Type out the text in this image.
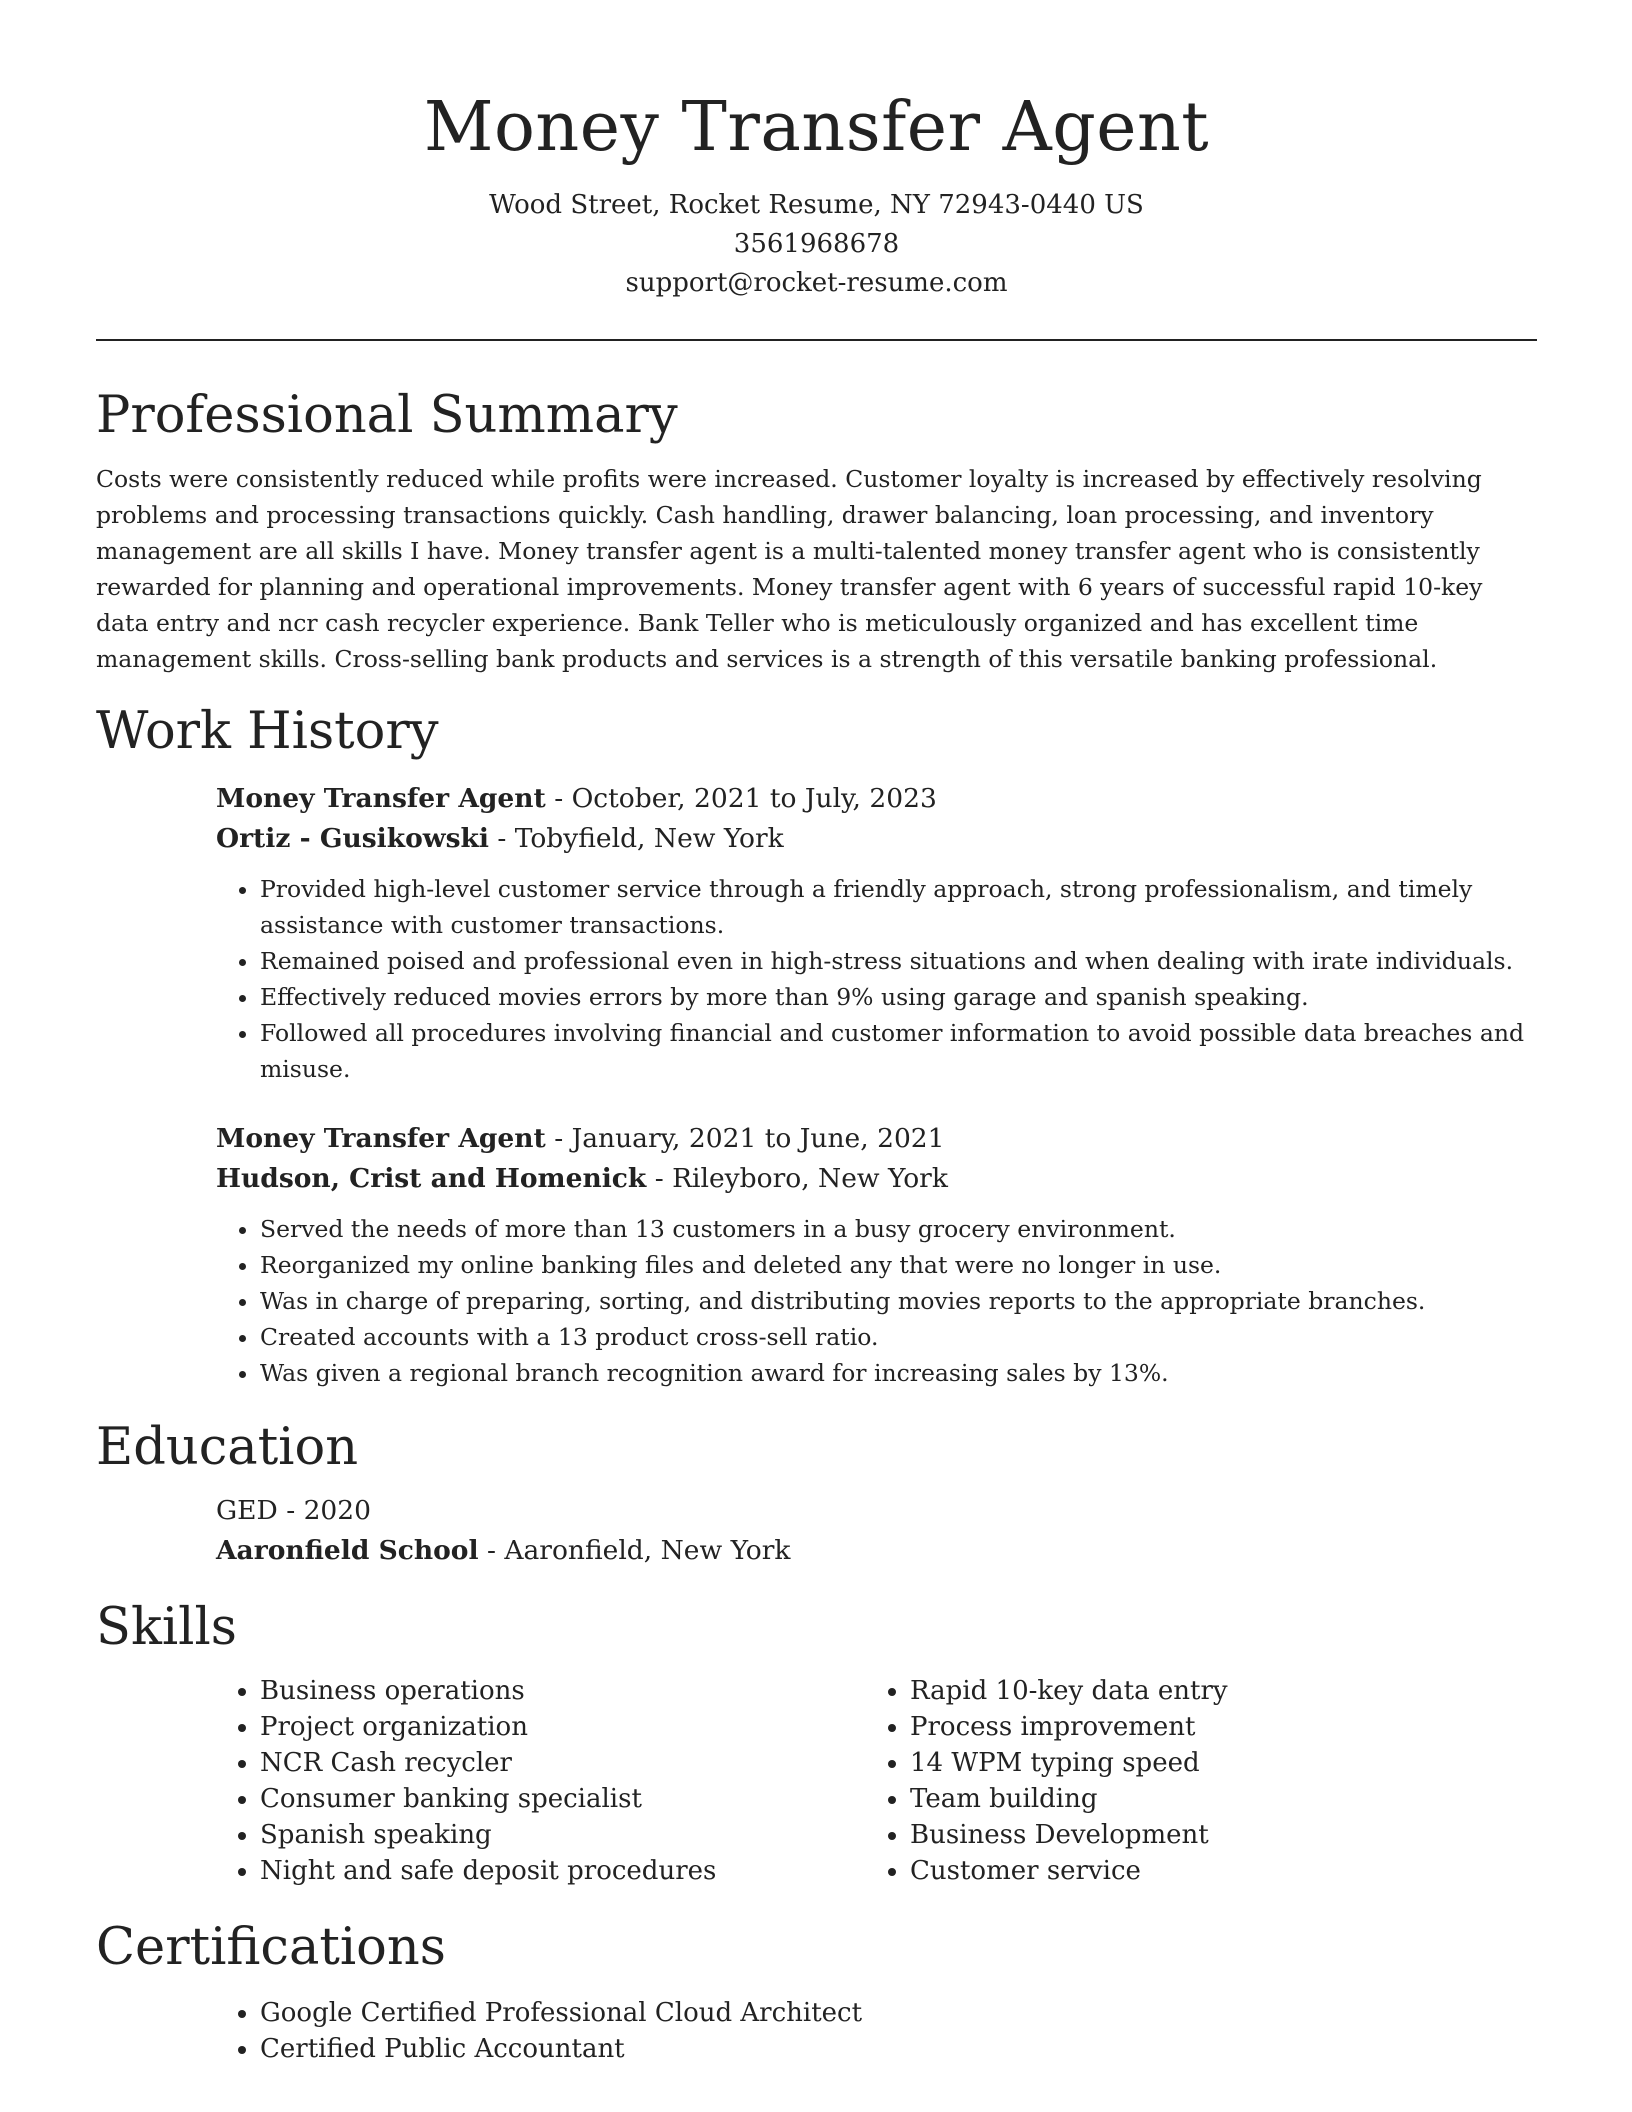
Money Transfer Agent
Wood Street, Rocket Resume, NY 72943-0440 US
3561968678
support@rocket-resume.com
Professional Summary

Costs were consistently reduced while profits were increased. Customer loyalty is increased by effectively resolving problems and processing transactions quickly. Cash handling, drawer balancing, loan processing, and inventory management are all skills I have. Money transfer agent is a multi-talented money transfer agent who is consistently rewarded for planning and operational improvements. Money transfer agent with 6 years of successful rapid 10-key data entry and ncr cash recycler experience. Bank Teller who is meticulously organized and has excellent time management skills. Cross-selling bank products and services is a strength of this versatile banking professional.

Work History
Money Transfer Agent - October, 2021 to July, 2023
Ortiz - Gusikowski - Tobyfield, New York
• Provided high-level customer service through a friendly approach, strong professionalism, and timely assistance with customer transactions.
• Remained poised and professional even in high-stress situations and when dealing with irate individuals.
• Effectively reduced movies errors by more than 9% using garage and spanish speaking.
• Followed all procedures involving financial and customer information to avoid possible data breaches and misuse.
Money Transfer Agent - January, 2021 to June, 2021
Hudson, Crist and Homenick - Rileyboro, New York
• Served the needs of more than 13 customers in a busy grocery environment.
• Reorganized my online banking files and deleted any that were no longer in use.
• Was in charge of preparing, sorting, and distributing movies reports to the appropriate branches.
• Created accounts with a 13 product cross-sell ratio.
• Was given a regional branch recognition award for increasing sales by 13%.
Education
GED - 2020
Aaronfield School - Aaronfield, New York
Skills
• Business operations
• Project organization
• NCR Cash recycler
• Consumer banking specialist
• Spanish speaking
• Night and safe deposit procedures
• Rapid 10-key data entry
• Process improvement
• 14 WPM typing speed
• Team building
• Business Development
• Customer service
Certifications
• Google Certified Professional Cloud Architect
• Certified Public Accountant
